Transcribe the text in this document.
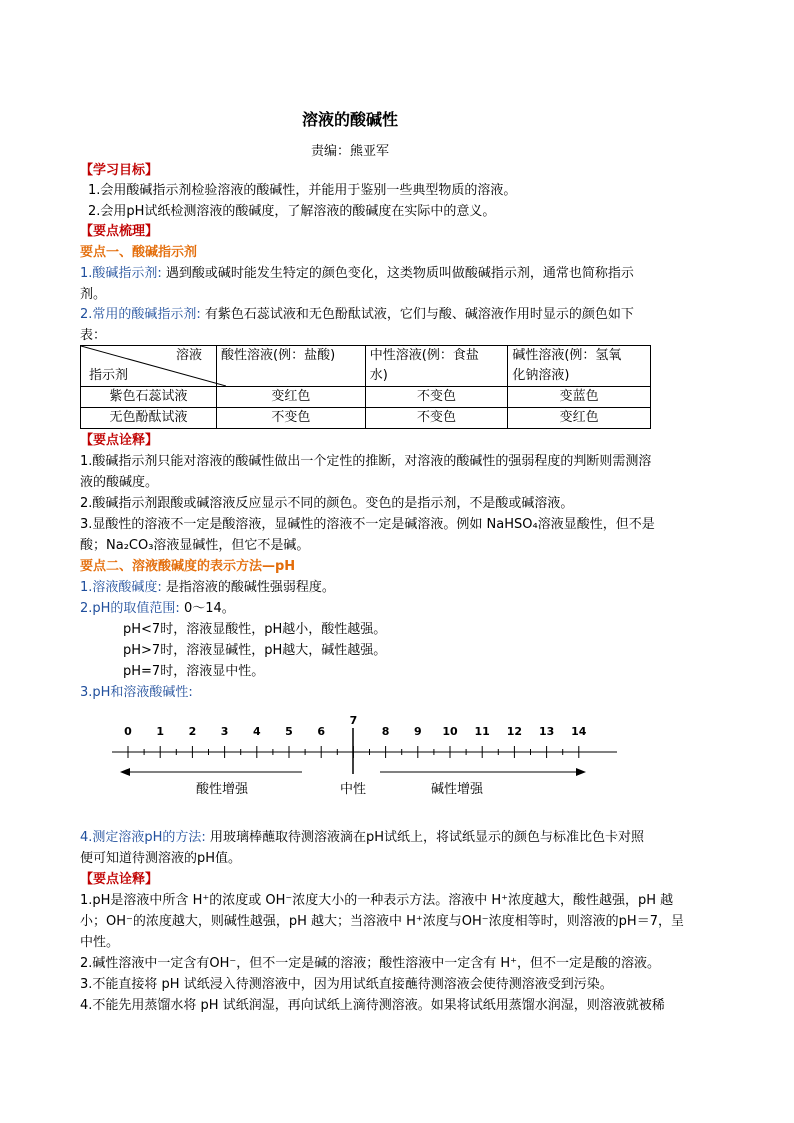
溶液的酸碱性
责编：熊亚军
【学习目标】
1.会用酸碱指示剂检验溶液的酸碱性，并能用于鉴别一些典型物质的溶液。
2.会用pH试纸检测溶液的酸碱度，了解溶液的酸碱度在实际中的意义。
【要点梳理】
要点一、酸碱指示剂
1.酸碱指示剂: 遇到酸或碱时能发生特定的颜色变化，这类物质叫做酸碱指示剂，通常也简称指示
剂。
2.常用的酸碱指示剂: 有紫色石蕊试液和无色酚酞试液，它们与酸、碱溶液作用时显示的颜色如下
表：
溶液
指示剂	酸性溶液(例：盐酸)	中性溶液(例：食盐
水)	碱性溶液(例：氢氧
化钠溶液)
紫色石蕊试液	变红色	不变色	变蓝色
无色酚酞试液	不变色	不变色	变红色
【要点诠释】
1.酸碱指示剂只能对溶液的酸碱性做出一个定性的推断，对溶液的酸碱性的强弱程度的判断则需测溶
液的酸碱度。
2.酸碱指示剂跟酸或碱溶液反应显示不同的颜色。变色的是指示剂，不是酸或碱溶液。
3.显酸性的溶液不一定是酸溶液，显碱性的溶液不一定是碱溶液。例如 NaHSO₄溶液显酸性，但不是
酸；Na₂CO₃溶液显碱性，但它不是碱。
要点二、溶液酸碱度的表示方法—pH
1.溶液酸碱度: 是指溶液的酸碱性强弱程度。
2.pH的取值范围: 0～14。
pH<7时，溶液显酸性，pH越小，酸性越强。
pH>7时，溶液显碱性，pH越大，碱性越强。
pH=7时，溶液显中性。
3.pH和溶液酸碱性:
4.测定溶液pH的方法: 用玻璃棒蘸取待测溶液滴在pH试纸上，将试纸显示的颜色与标准比色卡对照
便可知道待测溶液的pH值。
【要点诠释】
1.pH是溶液中所含 H⁺的浓度或 OH⁻浓度大小的一种表示方法。溶液中 H⁺浓度越大，酸性越强，pH 越
小；OH⁻的浓度越大，则碱性越强，pH 越大；当溶液中 H⁺浓度与OH⁻浓度相等时，则溶液的pH＝7，呈
中性。
2.碱性溶液中一定含有OH⁻，但不一定是碱的溶液；酸性溶液中一定含有 H⁺，但不一定是酸的溶液。
3.不能直接将 pH 试纸浸入待测溶液中，因为用试纸直接蘸待测溶液会使待测溶液受到污染。
4.不能先用蒸馏水将 pH 试纸润湿，再向试纸上滴待测溶液。如果将试纸用蒸馏水润湿，则溶液就被稀
0 1 2 3 4 5 6
7
8 9 10 11 12 13 14
酸性增强	中性	碱性增强
